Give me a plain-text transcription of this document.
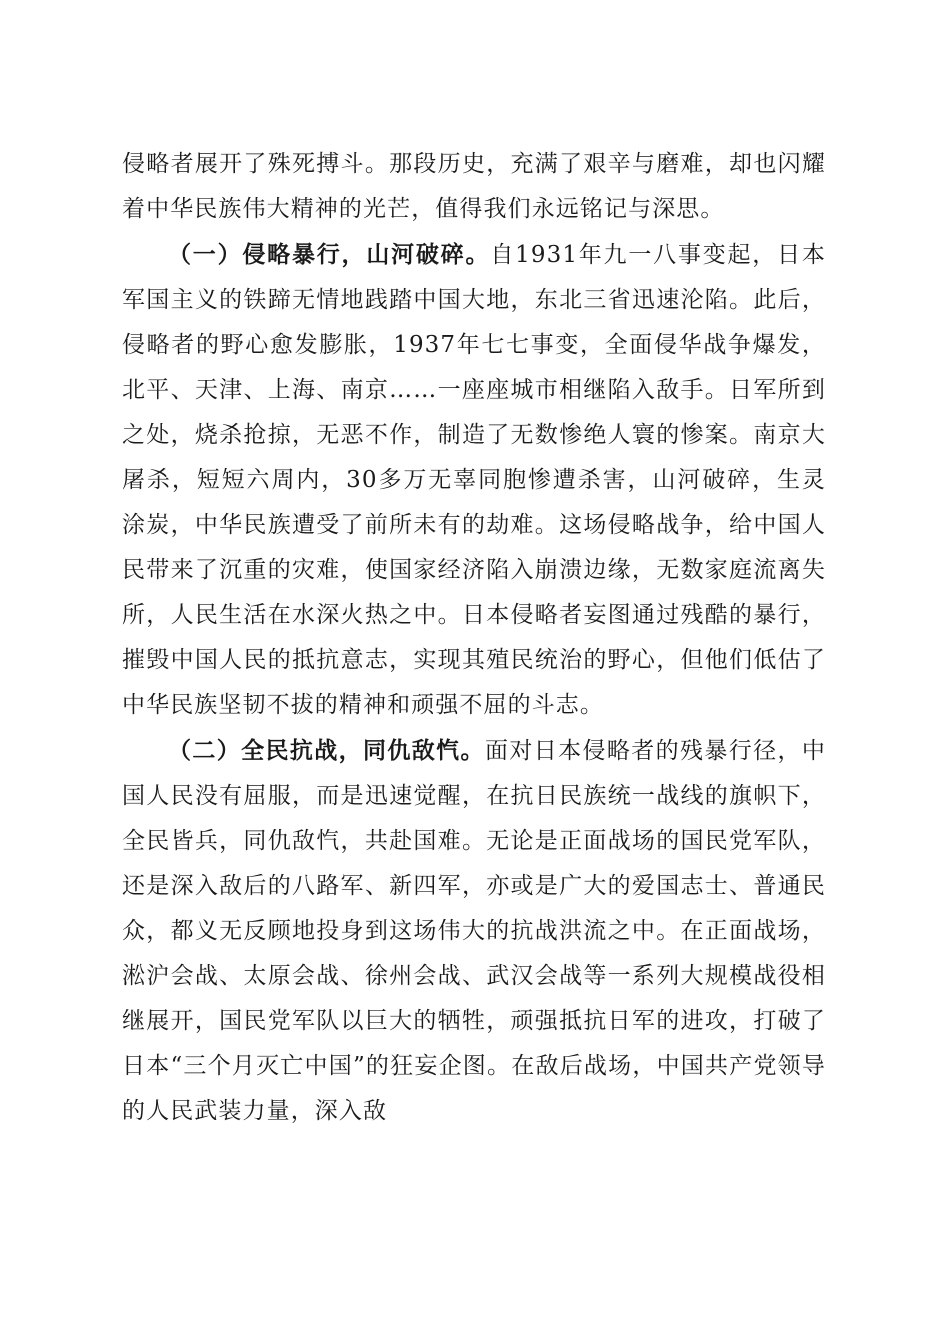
侵略者展开了殊死搏斗。那段历史，充满了艰辛与磨难，却也闪耀着中华民族伟大精神的光芒，值得我们永远铭记与深思。

（一）侵略暴行，山河破碎。自1931年九一八事变起，日本军国主义的铁蹄无情地践踏中国大地，东北三省迅速沦陷。此后，侵略者的野心愈发膨胀，1937年七七事变，全面侵华战争爆发，北平、天津、上海、南京……一座座城市相继陷入敌手。日军所到之处，烧杀抢掠，无恶不作，制造了无数惨绝人寰的惨案。南京大屠杀，短短六周内，30多万无辜同胞惨遭杀害，山河破碎，生灵涂炭，中华民族遭受了前所未有的劫难。这场侵略战争，给中国人民带来了沉重的灾难，使国家经济陷入崩溃边缘，无数家庭流离失所，人民生活在水深火热之中。日本侵略者妄图通过残酷的暴行，摧毁中国人民的抵抗意志，实现其殖民统治的野心，但他们低估了中华民族坚韧不拔的精神和顽强不屈的斗志。

（二）全民抗战，同仇敌忾。面对日本侵略者的残暴行径，中国人民没有屈服，而是迅速觉醒，在抗日民族统一战线的旗帜下，全民皆兵，同仇敌忾，共赴国难。无论是正面战场的国民党军队，还是深入敌后的八路军、新四军，亦或是广大的爱国志士、普通民众，都义无反顾地投身到这场伟大的抗战洪流之中。在正面战场，淞沪会战、太原会战、徐州会战、武汉会战等一系列大规模战役相继展开，国民党军队以巨大的牺牲，顽强抵抗日军的进攻，打破了日本“三个月灭亡中国”的狂妄企图。在敌后战场，中国共产党领导的人民武装力量，深入敌
